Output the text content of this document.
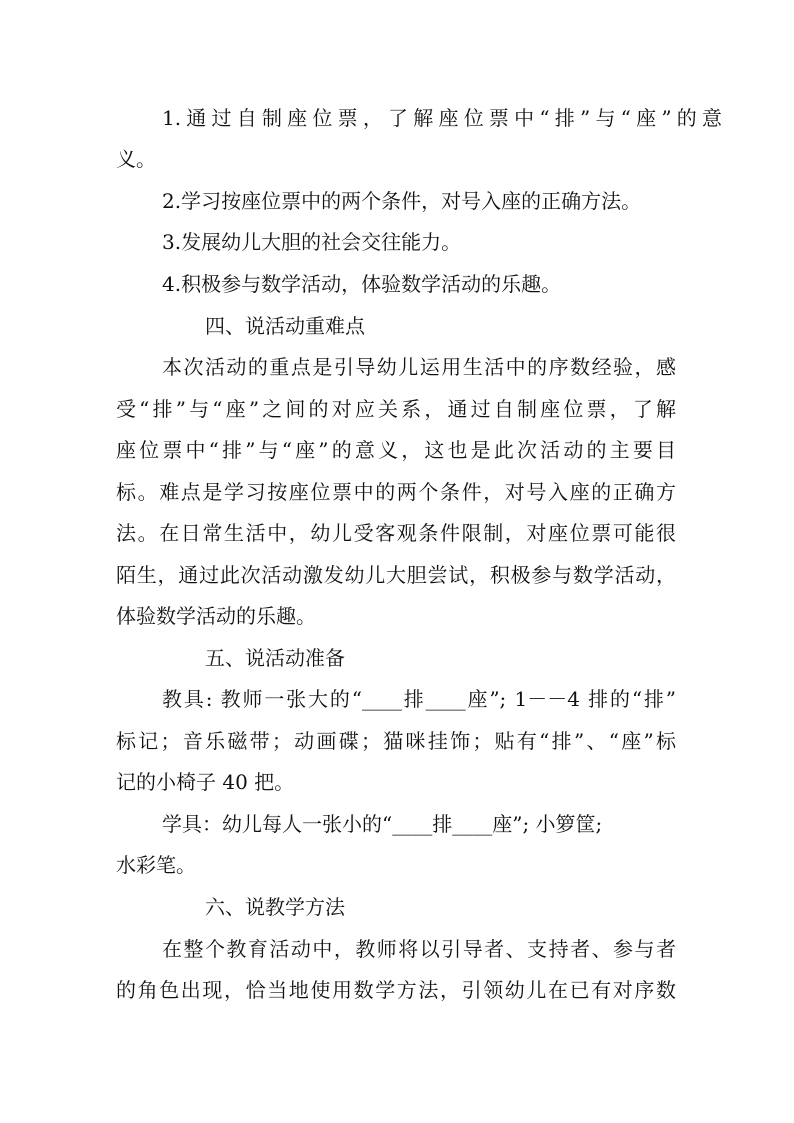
1.通过自制座位票，了解座位票中“排”与“座”的意
义。
2.学习按座位票中的两个条件，对号入座的正确方法。
3.发展幼儿大胆的社会交往能力。
4.积极参与数学活动，体验数学活动的乐趣。
四、说活动重难点
本次活动的重点是引导幼儿运用生活中的序数经验，感
受“排”与“座”之间的对应关系，通过自制座位票，了解
座位票中“排”与“座”的意义，这也是此次活动的主要目
标。难点是学习按座位票中的两个条件，对号入座的正确方
法。在日常生活中，幼儿受客观条件限制，对座位票可能很
陌生，通过此次活动激发幼儿大胆尝试，积极参与数学活动，
体验数学活动的乐趣。
五、说活动准备
教具: 教师一张大的“____排____座”; 1－－4 排的“排”
标记；音乐磁带；动画碟；猫咪挂饰；贴有“排”、“座”标
记的小椅子 40 把。
学具：幼儿每人一张小的“____排____座”; 小箩筐;
水彩笔。
六、说教学方法
在整个教育活动中，教师将以引导者、支持者、参与者
的角色出现，恰当地使用数学方法，引领幼儿在已有对序数
